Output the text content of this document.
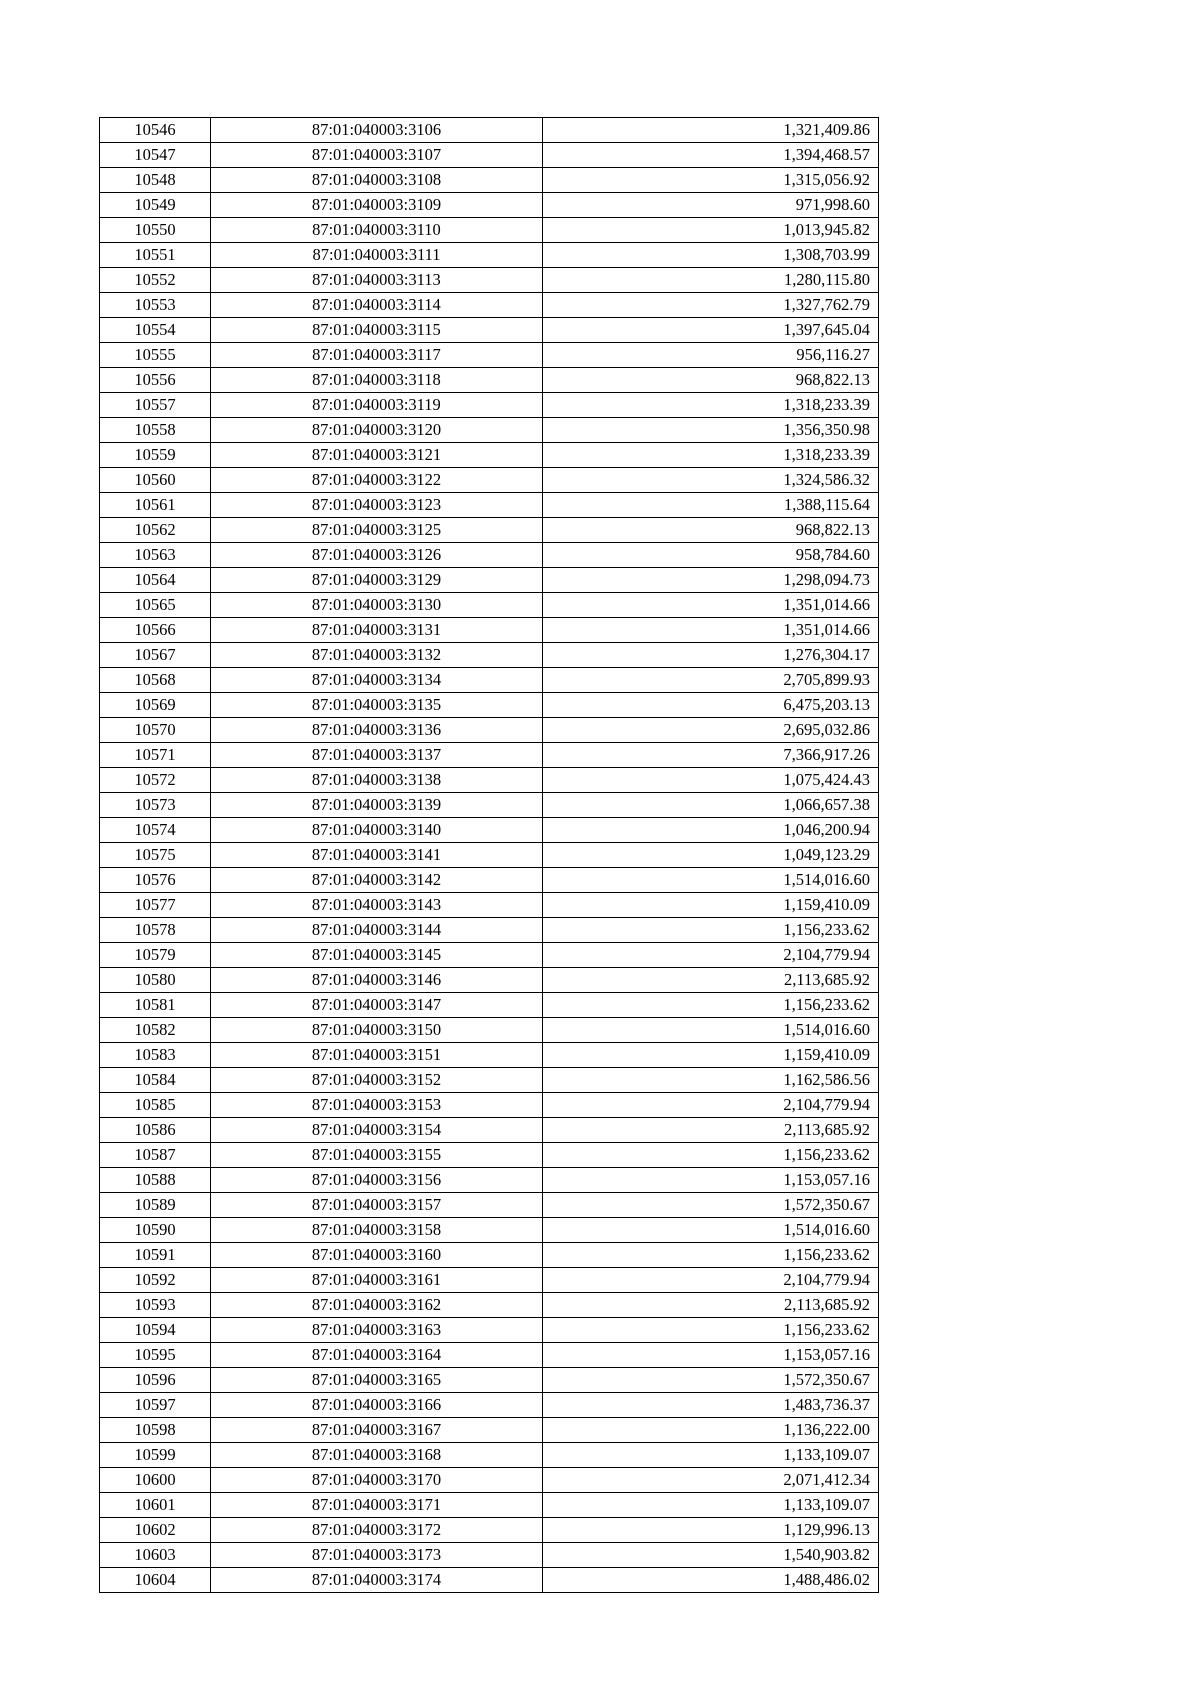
10546	87:01:040003:3106	1,321,409.86
10547	87:01:040003:3107	1,394,468.57
10548	87:01:040003:3108	1,315,056.92
10549	87:01:040003:3109	971,998.60
10550	87:01:040003:3110	1,013,945.82
10551	87:01:040003:3111	1,308,703.99
10552	87:01:040003:3113	1,280,115.80
10553	87:01:040003:3114	1,327,762.79
10554	87:01:040003:3115	1,397,645.04
10555	87:01:040003:3117	956,116.27
10556	87:01:040003:3118	968,822.13
10557	87:01:040003:3119	1,318,233.39
10558	87:01:040003:3120	1,356,350.98
10559	87:01:040003:3121	1,318,233.39
10560	87:01:040003:3122	1,324,586.32
10561	87:01:040003:3123	1,388,115.64
10562	87:01:040003:3125	968,822.13
10563	87:01:040003:3126	958,784.60
10564	87:01:040003:3129	1,298,094.73
10565	87:01:040003:3130	1,351,014.66
10566	87:01:040003:3131	1,351,014.66
10567	87:01:040003:3132	1,276,304.17
10568	87:01:040003:3134	2,705,899.93
10569	87:01:040003:3135	6,475,203.13
10570	87:01:040003:3136	2,695,032.86
10571	87:01:040003:3137	7,366,917.26
10572	87:01:040003:3138	1,075,424.43
10573	87:01:040003:3139	1,066,657.38
10574	87:01:040003:3140	1,046,200.94
10575	87:01:040003:3141	1,049,123.29
10576	87:01:040003:3142	1,514,016.60
10577	87:01:040003:3143	1,159,410.09
10578	87:01:040003:3144	1,156,233.62
10579	87:01:040003:3145	2,104,779.94
10580	87:01:040003:3146	2,113,685.92
10581	87:01:040003:3147	1,156,233.62
10582	87:01:040003:3150	1,514,016.60
10583	87:01:040003:3151	1,159,410.09
10584	87:01:040003:3152	1,162,586.56
10585	87:01:040003:3153	2,104,779.94
10586	87:01:040003:3154	2,113,685.92
10587	87:01:040003:3155	1,156,233.62
10588	87:01:040003:3156	1,153,057.16
10589	87:01:040003:3157	1,572,350.67
10590	87:01:040003:3158	1,514,016.60
10591	87:01:040003:3160	1,156,233.62
10592	87:01:040003:3161	2,104,779.94
10593	87:01:040003:3162	2,113,685.92
10594	87:01:040003:3163	1,156,233.62
10595	87:01:040003:3164	1,153,057.16
10596	87:01:040003:3165	1,572,350.67
10597	87:01:040003:3166	1,483,736.37
10598	87:01:040003:3167	1,136,222.00
10599	87:01:040003:3168	1,133,109.07
10600	87:01:040003:3170	2,071,412.34
10601	87:01:040003:3171	1,133,109.07
10602	87:01:040003:3172	1,129,996.13
10603	87:01:040003:3173	1,540,903.82
10604	87:01:040003:3174	1,488,486.02
